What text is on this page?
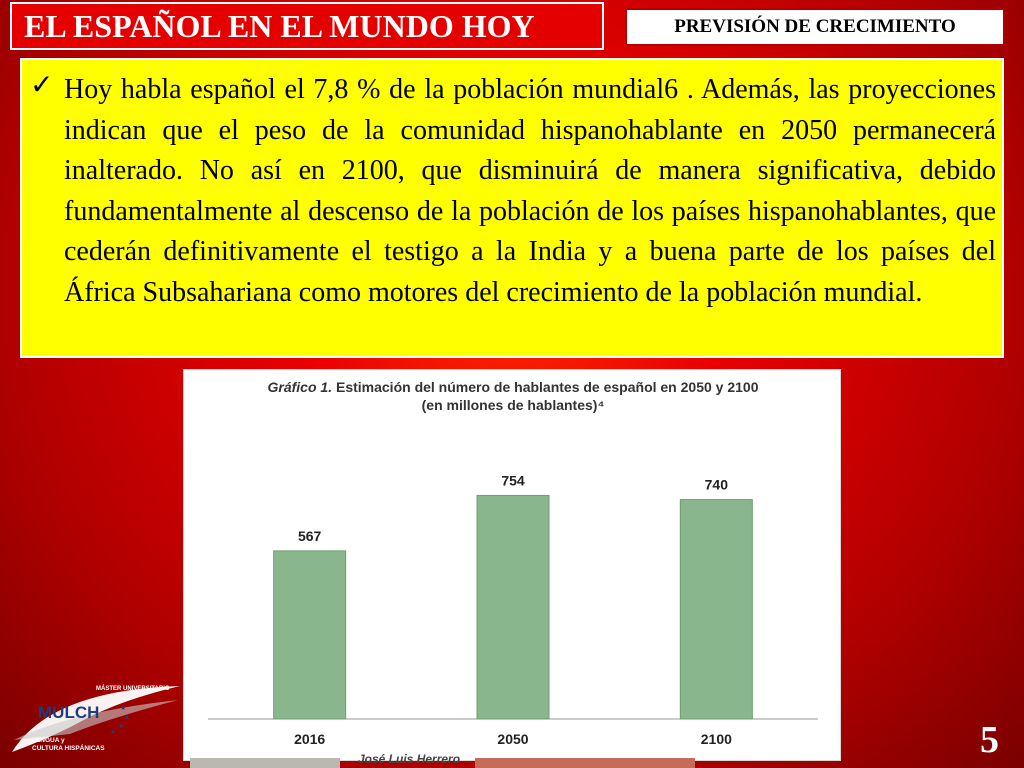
EL ESPAÑOL EN EL MUNDO HOY	PREVISIÓN DE CRECIMIENTO
✓ Hoy habla español el 7,8 % de la población mundial6 . Además, las proyecciones indican que el peso de la comunidad hispanohablante en 2050 permanecerá inalterado. No así en 2100, que disminuirá de manera significativa, debido fundamentalmente al descenso de la población de los países hispanohablantes, que cederán definitivamente el testigo a la India y a buena parte de los países del África Subsahariana como motores del crecimiento de la población mundial.

Gráfico 1. Estimación del número de hablantes de español en 2050 y 2100
(en millones de hablantes)⁴
567
2016
754
2050
740
2100
José Luis Herrero
MÁSTER UNIVERSITARIO
MULCH	★
★
★
★
LENGUA y
CULTURA HISPÁNICAS	5
